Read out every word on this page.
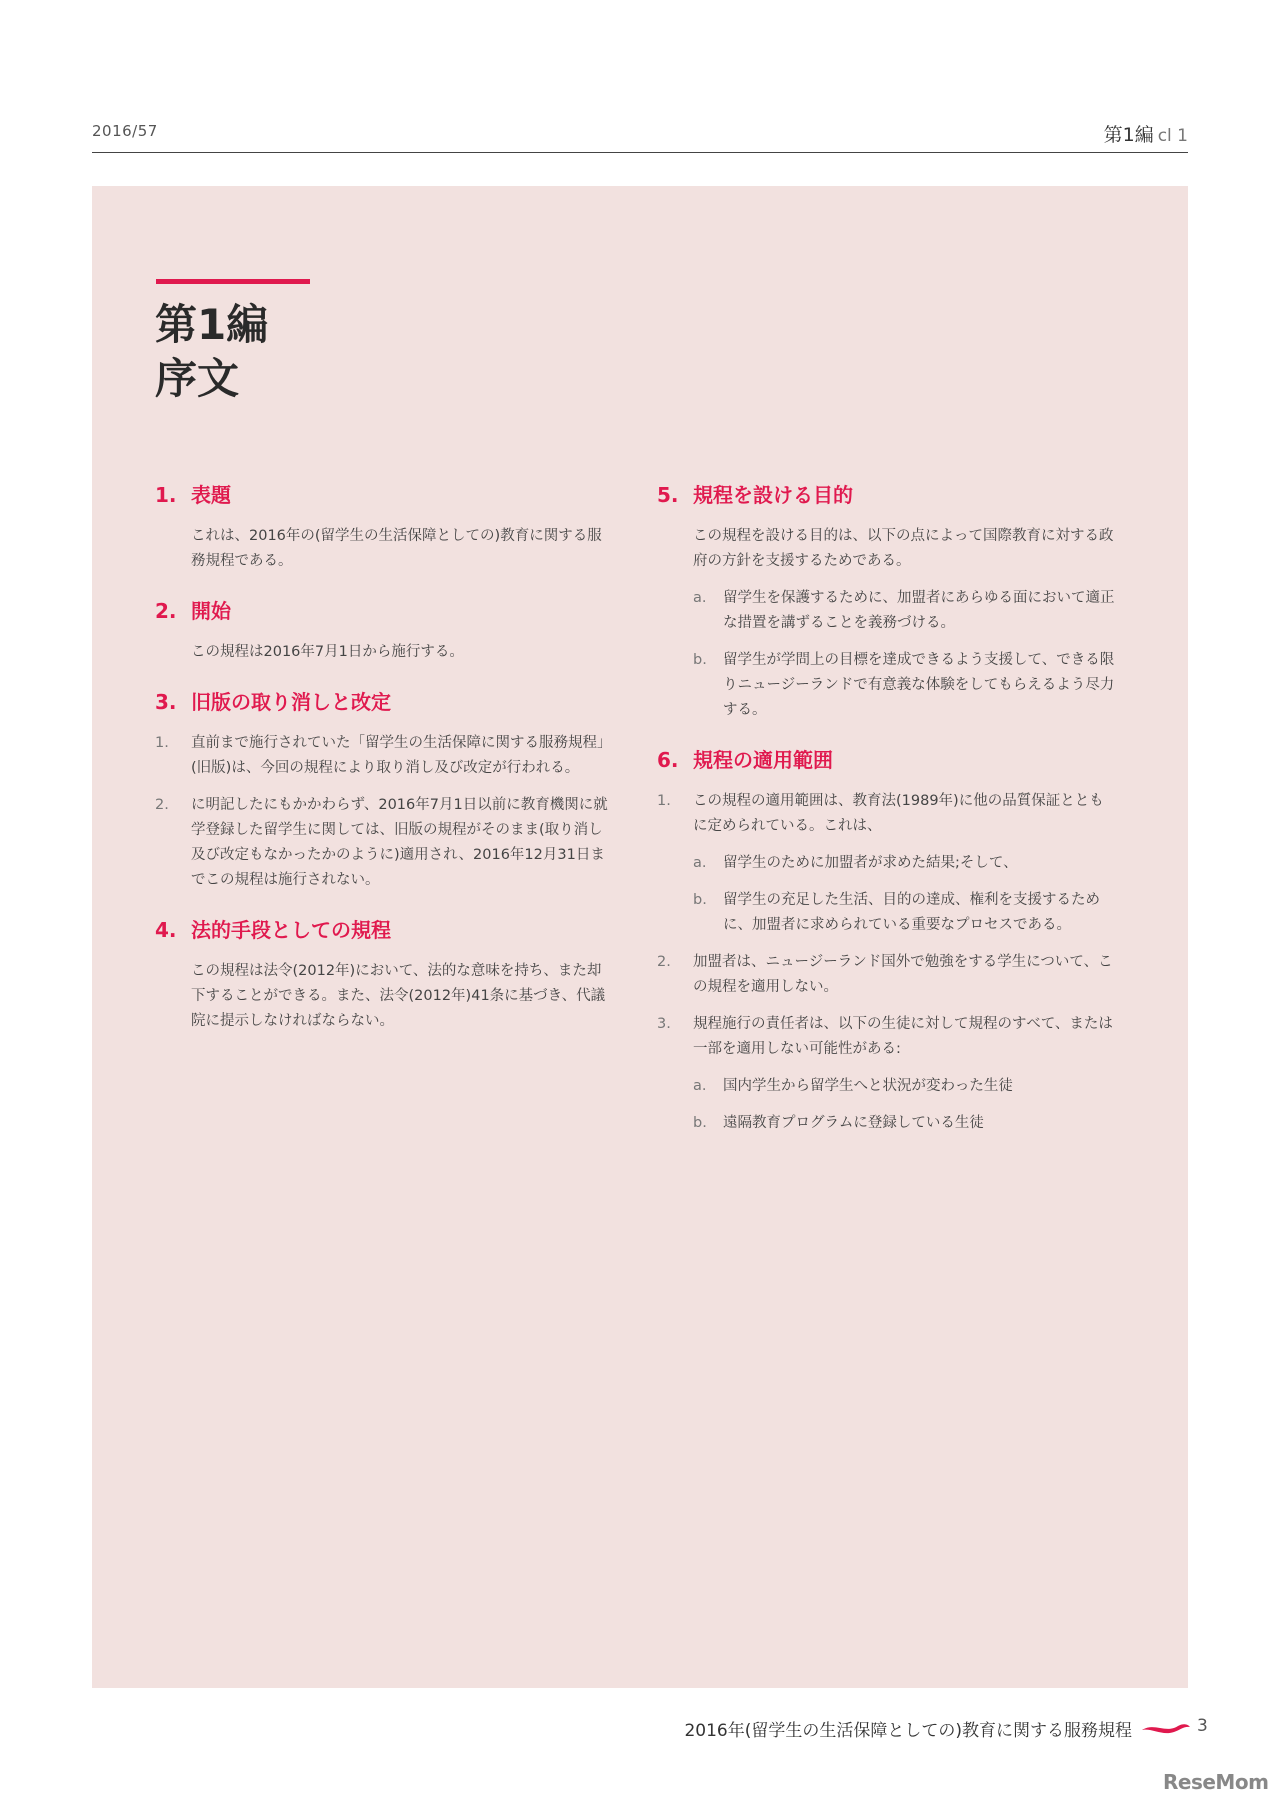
2016/57	第1編 cl 1
第1編
序文
1. 表題
これは、2016年の(留学生の生活保障としての)教育に関する服務規程である。
2. 開始
この規程は2016年7月1日から施行する。
3. 旧版の取り消しと改定
1. 直前まで施行されていた「留学生の生活保障に関する服務規程」(旧版)は、今回の規程により取り消し及び改定が行われる。
2. に明記したにもかかわらず、2016年7月1日以前に教育機関に就学登録した留学生に関しては、旧版の規程がそのまま(取り消し及び改定もなかったかのように)適用され、2016年12月31日までこの規程は施行されない。
4. 法的手段としての規程
この規程は法令(2012年)において、法的な意味を持ち、また却下することができる。また、法令(2012年)41条に基づき、代議院に提示しなければならない。
5. 規程を設ける目的
この規程を設ける目的は、以下の点によって国際教育に対する政府の方針を支援するためである。
a. 留学生を保護するために、加盟者にあらゆる面において適正な措置を講ずることを義務づける。
b. 留学生が学問上の目標を達成できるよう支援して、できる限りニュージーランドで有意義な体験をしてもらえるよう尽力する。
6. 規程の適用範囲
1. この規程の適用範囲は、教育法(1989年)に他の品質保証とともに定められている。これは、
a. 留学生のために加盟者が求めた結果;そして、
b. 留学生の充足した生活、目的の達成、権利を支援するために、加盟者に求められている重要なプロセスである。
2. 加盟者は、ニュージーランド国外で勉強をする学生について、この規程を適用しない。
3. 規程施行の責任者は、以下の生徒に対して規程のすべて、または一部を適用しない可能性がある:
a. 国内学生から留学生へと状況が変わった生徒
b. 遠隔教育プログラムに登録している生徒
2016年(留学生の生活保障としての)教育に関する服務規程	3
ReseMom
